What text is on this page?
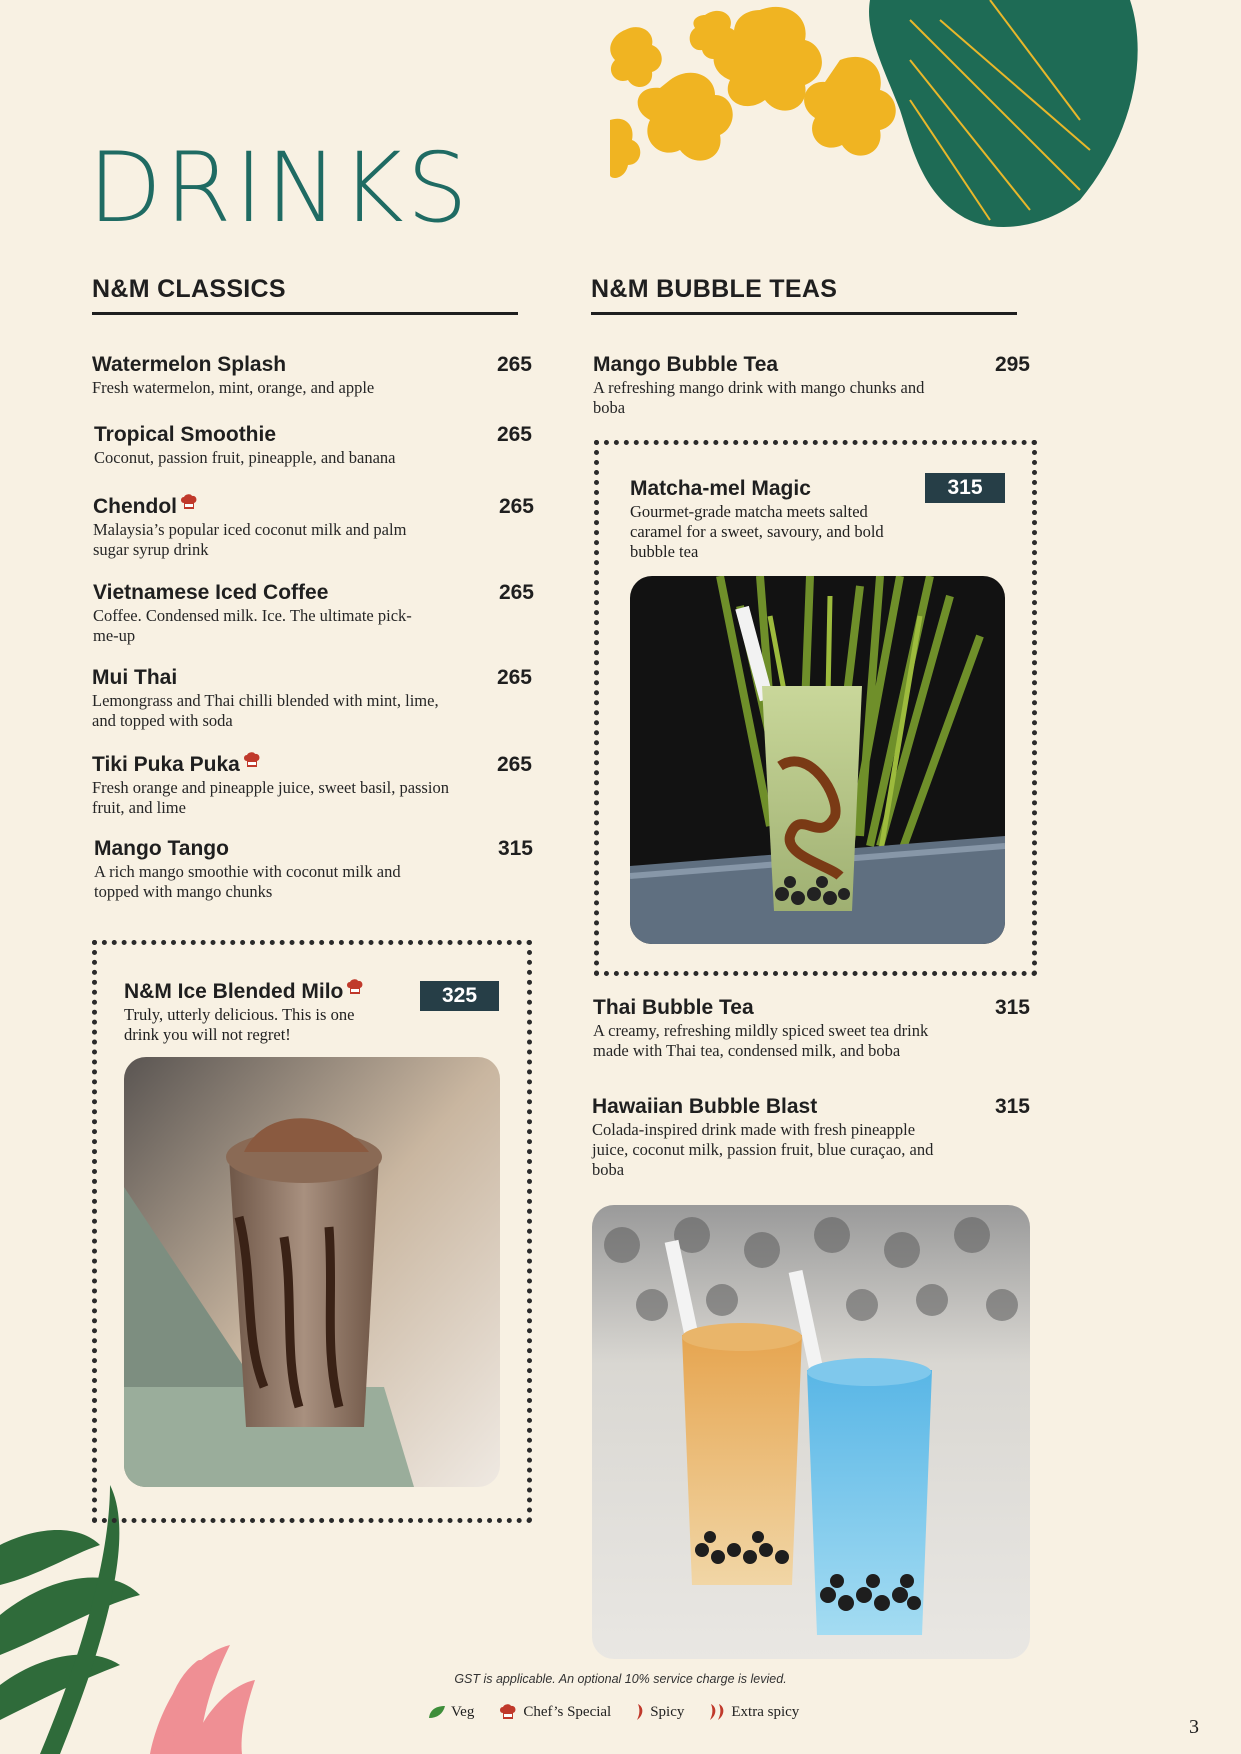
DRINKS
N&M CLASSICS
Watermelon Splash	265
Fresh watermelon, mint, orange, and apple
Tropical Smoothie	265
Coconut, passion fruit, pineapple, and banana
Chendol	265
Malaysia’s popular iced coconut milk and palm sugar syrup drink
Vietnamese Iced Coffee	265
Coffee. Condensed milk. Ice. The ultimate pick-me-up
Mui Thai	265
Lemongrass and Thai chilli blended with mint, lime, and topped with soda
Tiki Puka Puka	265
Fresh orange and pineapple juice, sweet basil, passion fruit, and lime
Mango Tango	315
A rich mango smoothie with coconut milk and topped with mango chunks
N&M Ice Blended Milo
Truly, utterly delicious. This is one drink you will not regret!
325
N&M BUBBLE TEAS
Mango Bubble Tea	295
A refreshing mango drink with mango chunks and boba
Matcha-mel Magic
Gourmet-grade matcha meets salted caramel for a sweet, savoury, and bold bubble tea
315
Thai Bubble Tea	315
A creamy, refreshing mildly spiced sweet tea drink made with Thai tea, condensed milk, and boba
Hawaiian Bubble Blast	315
Colada-inspired drink made with fresh pineapple juice, coconut milk, passion fruit, blue curaçao, and boba
GST is applicable. An optional 10% service charge is levied.
Veg	Chef’s Special	Spicy	Extra spicy
3
